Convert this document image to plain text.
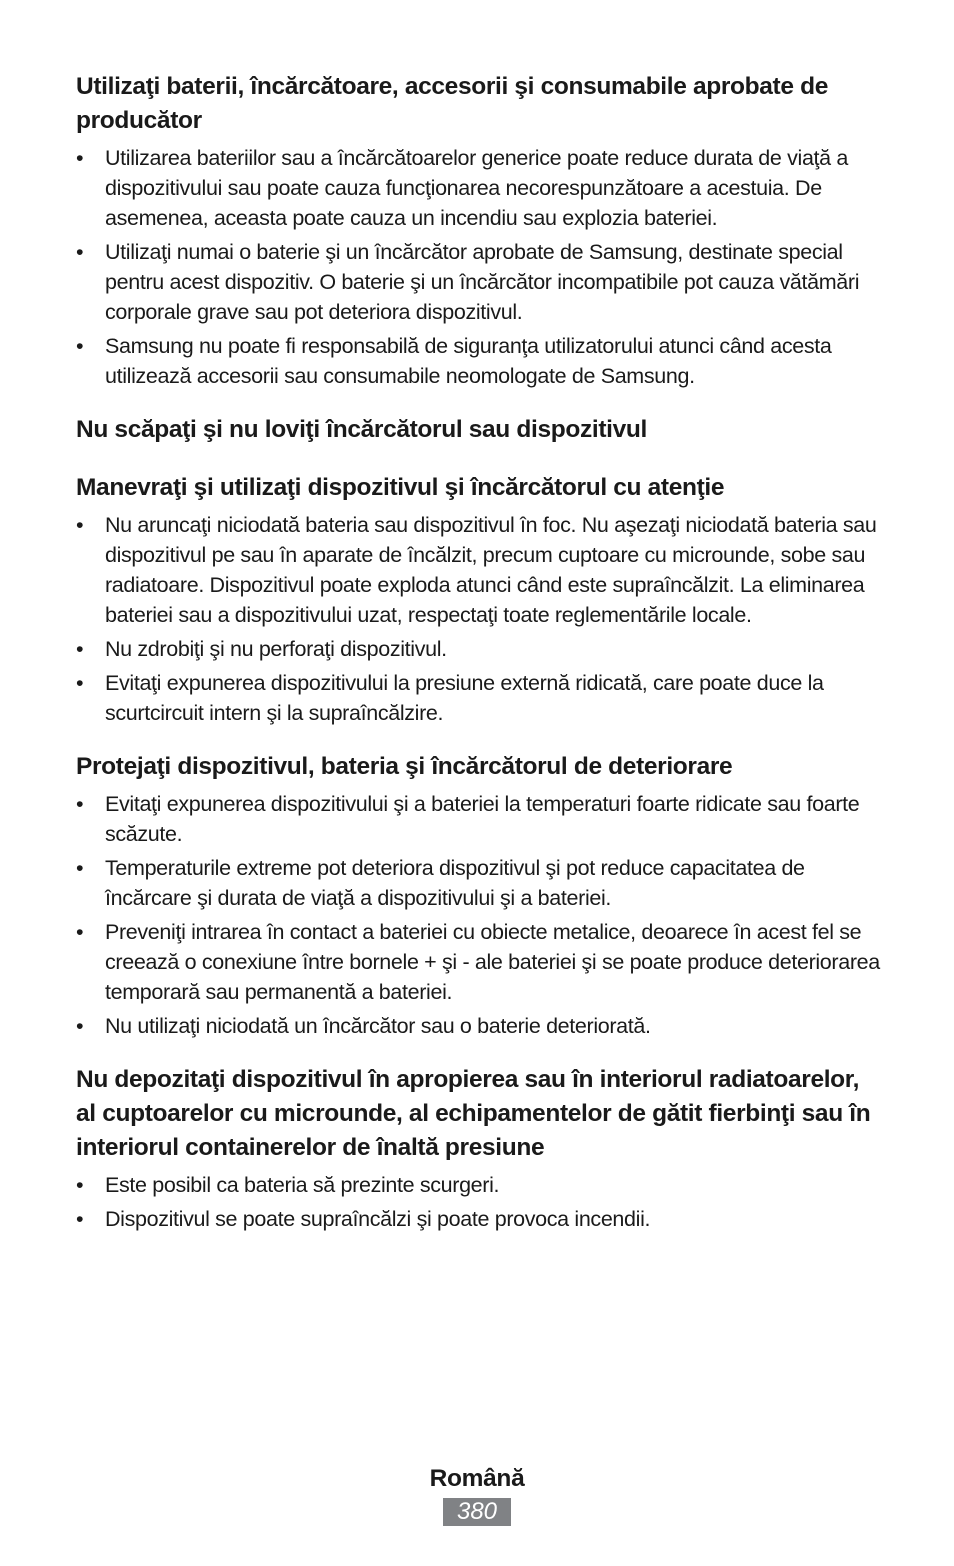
Utilizaţi baterii, încărcătoare, accesorii şi consumabile aprobate de producător
• Utilizarea bateriilor sau a încărcătoarelor generice poate reduce durata de viaţă a dispozitivului sau poate cauza funcţionarea necorespunzătoare a acestuia. De asemenea, aceasta poate cauza un incendiu sau explozia bateriei.
• Utilizaţi numai o baterie şi un încărcător aprobate de Samsung, destinate special pentru acest dispozitiv. O baterie şi un încărcător incompatibile pot cauza vătămări corporale grave sau pot deteriora dispozitivul.
• Samsung nu poate fi responsabilă de siguranţa utilizatorului atunci când acesta utilizează accesorii sau consumabile neomologate de Samsung.
Nu scăpaţi şi nu loviţi încărcătorul sau dispozitivul
Manevraţi şi utilizaţi dispozitivul şi încărcătorul cu atenţie
• Nu aruncaţi niciodată bateria sau dispozitivul în foc. Nu aşezaţi niciodată bateria sau dispozitivul pe sau în aparate de încălzit, precum cuptoare cu microunde, sobe sau radiatoare. Dispozitivul poate exploda atunci când este supraîncălzit. La eliminarea bateriei sau a dispozitivului uzat, respectaţi toate reglementările locale.
• Nu zdrobiţi şi nu perforaţi dispozitivul.
• Evitaţi expunerea dispozitivului la presiune externă ridicată, care poate duce la scurtcircuit intern şi la supraîncălzire.
Protejaţi dispozitivul, bateria şi încărcătorul de deteriorare
• Evitaţi expunerea dispozitivului şi a bateriei la temperaturi foarte ridicate sau foarte scăzute.
• Temperaturile extreme pot deteriora dispozitivul şi pot reduce capacitatea de încărcare şi durata de viaţă a dispozitivului şi a bateriei.
• Preveniţi intrarea în contact a bateriei cu obiecte metalice, deoarece în acest fel se creează o conexiune între bornele + şi - ale bateriei şi se poate produce deteriorarea temporară sau permanentă a bateriei.
• Nu utilizaţi niciodată un încărcător sau o baterie deteriorată.
Nu depozitaţi dispozitivul în apropierea sau în interiorul radiatoarelor, al cuptoarelor cu microunde, al echipamentelor de gătit fierbinţi sau în interiorul containerelor de înaltă presiune
• Este posibil ca bateria să prezinte scurgeri.
• Dispozitivul se poate supraîncălzi şi poate provoca incendii.
Română
380
